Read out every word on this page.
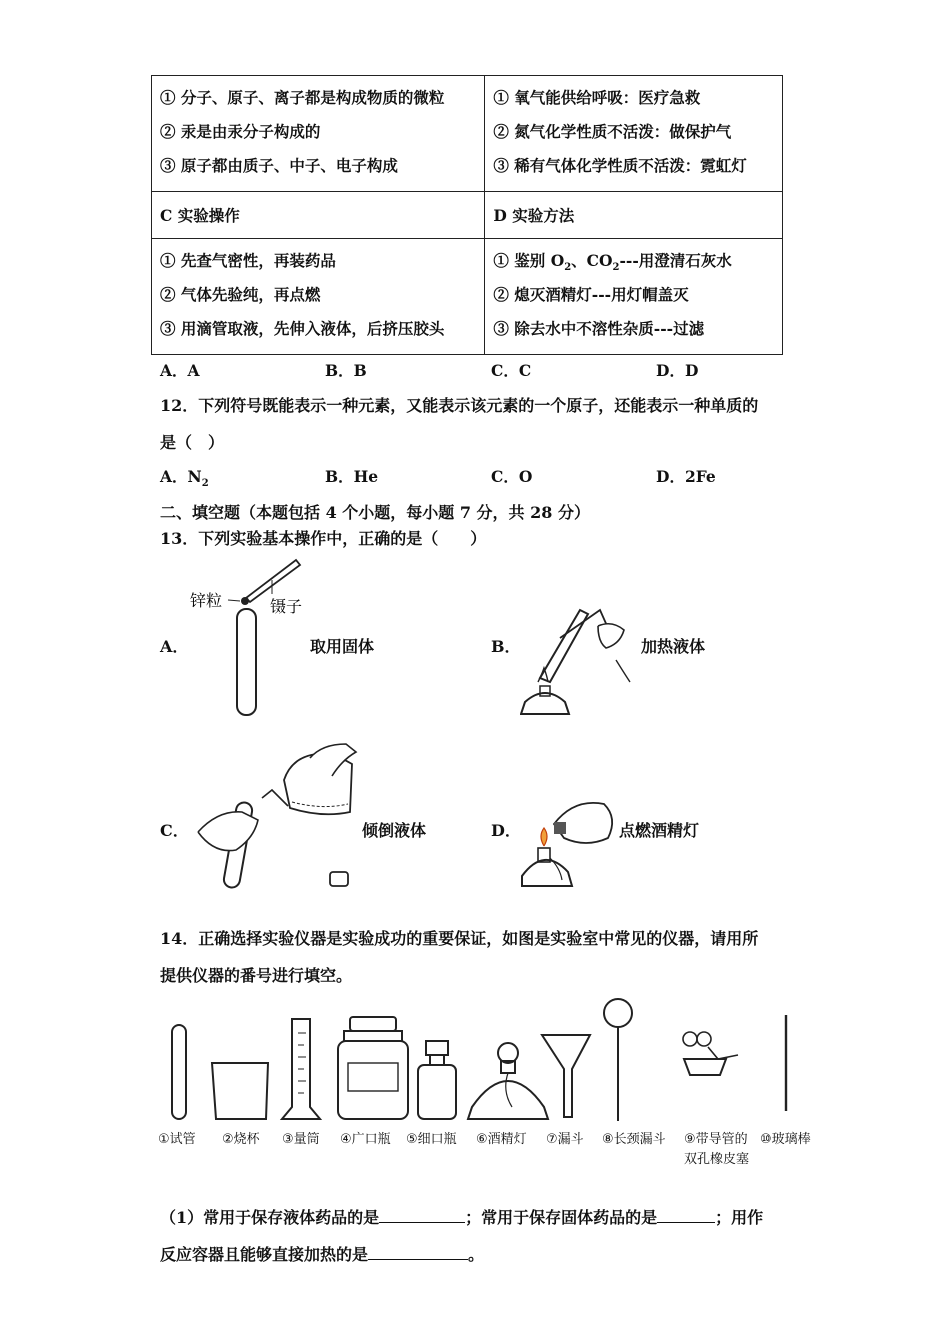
① 分子、原子、离子都是构成物质的微粒
② 汞是由汞分子构成的
③ 原子都由质子、中子、电子构成	① 氧气能供给呼吸：医疗急救
② 氮气化学性质不活泼：做保护气
③ 稀有气体化学性质不活泼：霓虹灯

C 实验操作	D 实验方法

① 先查气密性，再装药品
② 气体先验纯，再点燃
③ 用滴管取液，先伸入液体，后挤压胶头	① 鉴别 $O_2$、$CO_2---$用澄清石灰水
② 熄灭酒精灯---用灯帽盖灭
③ 除去水中不溶性杂质---过滤
A．A	B．B	C．C	D．D
12．下列符号既能表示一种元素，又能表示该元素的一个原子，还能表示一种单质的
是（　）
A．$N_2$	B．He	C．O	D．2Fe
二、填空题（本题包括 4 个小题，每小题 7 分，共 28 分）
13．下列实验基本操作中，正确的是（　　）
A．
锌粒	镊子
取用固体	B．	加热液体
C．	倾倒液体	D．	点燃酒精灯
14．正确选择实验仪器是实验成功的重要保证，如图是实验室中常见的仪器，请用所
提供仪器的番号进行填空。
①试管 ②烧杯 ③量筒 ④广口瓶 ⑤细口瓶 ⑥酒精灯 ⑦漏斗 ⑧长颈漏斗 ⑨带导管的
双孔橡皮塞
⑩玻璃棒
（1）常用于保存液体药品的是	；常用于保存固体药品的是	；用作
反应容器且能够直接加热的是	。
